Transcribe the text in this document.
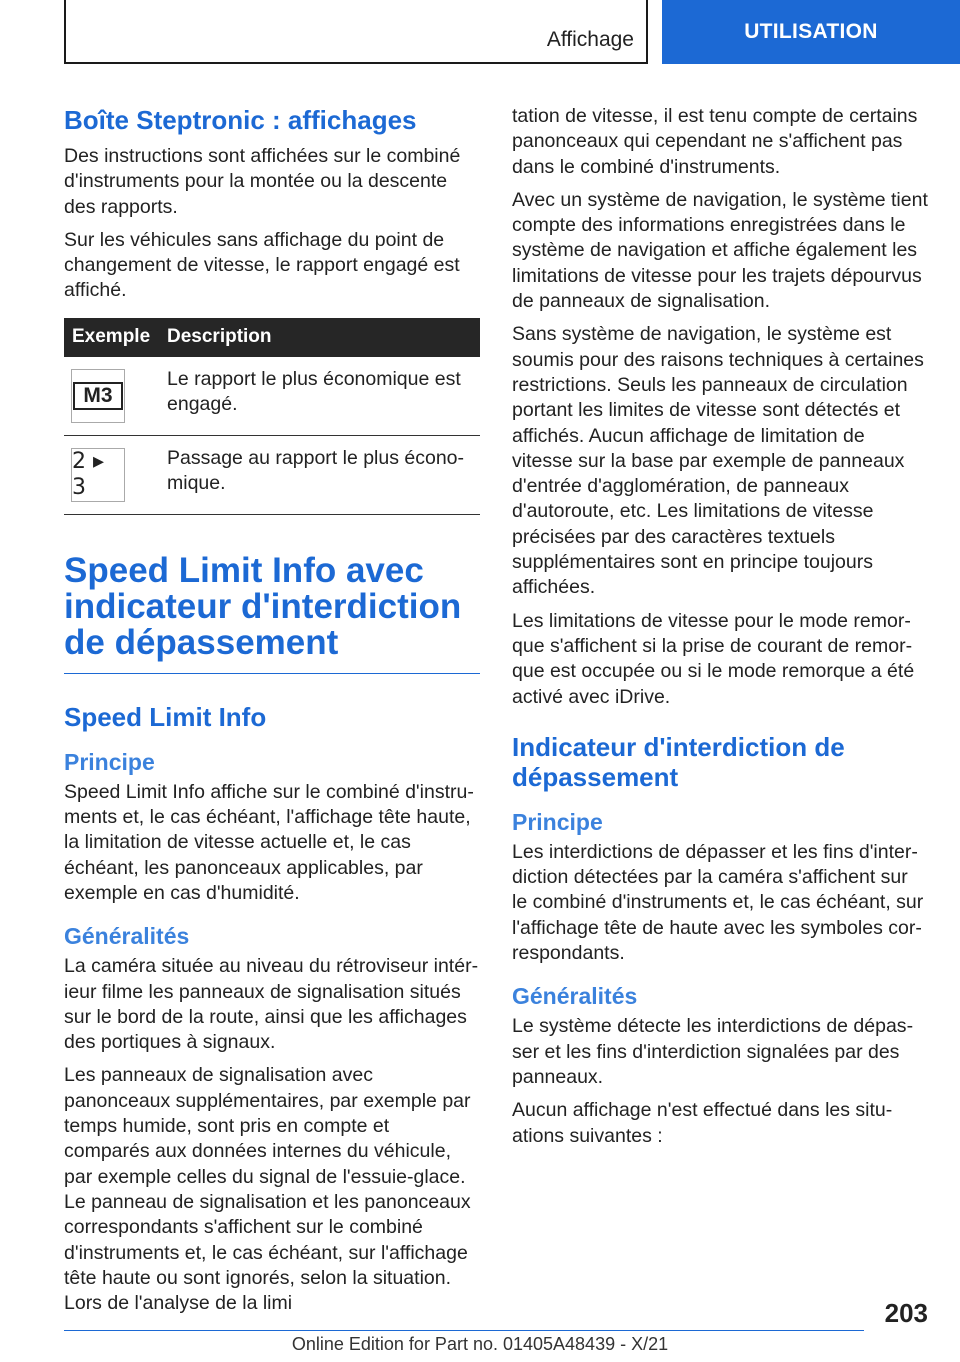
Affichage	UTILISATION
Boîte Steptronic : affichages

Des instructions sont affichées sur le combiné d'instruments pour la montée ou la descente des rapports.

Sur les véhicules sans affichage du point de changement de vitesse, le rapport engagé est affiché.

Exemple	Description

M3	Le rapport le plus économique est engagé.

2 ▸ 3	Passage au rapport le plus économique.
Speed Limit Info avec indicateur d'interdiction de dépassement
Speed Limit Info
Principe

Speed Limit Info affiche sur le combiné d'instruments et, le cas échéant, l'affichage tête haute, la limitation de vitesse actuelle et, le cas échéant, les panonceaux applicables, par exemple en cas d'humidité.

Généralités

La caméra située au niveau du rétroviseur intérieur filme les panneaux de signalisation situés sur le bord de la route, ainsi que les affichages des portiques à signaux.

Les panneaux de signalisation avec panonceaux supplémentaires, par exemple par temps humide, sont pris en compte et comparés aux données internes du véhicule, par exemple celles du signal de l'essuie-glace. Le panneau de signalisation et les panonceaux correspondants s'affichent sur le combiné d'instruments et, le cas échéant, sur l'affichage tête haute ou sont ignorés, selon la situation. Lors de l'analyse de la limi

tation de vitesse, il est tenu compte de certains panonceaux qui cependant ne s'affichent pas dans le combiné d'instruments.

Avec un système de navigation, le système tient compte des informations enregistrées dans le système de navigation et affiche également les limitations de vitesse pour les trajets dépourvus de panneaux de signalisation.

Sans système de navigation, le système est soumis pour des raisons techniques à certaines restrictions. Seuls les panneaux de circulation portant les limites de vitesse sont détectés et affichés. Aucun affichage de limitation de vitesse sur la base par exemple de panneaux d'entrée d'agglomération, de panneaux d'autoroute, etc. Les limitations de vitesse précisées par des caractères textuels supplémentaires sont en principe toujours affichées.

Les limitations de vitesse pour le mode remorque s'affichent si la prise de courant de remorque est occupée ou si le mode remorque a été activé avec iDrive.

Indicateur d'interdiction de dépassement
Principe

Les interdictions de dépasser et les fins d'interdiction détectées par la caméra s'affichent sur le combiné d'instruments et, le cas échéant, sur l'affichage tête de haute avec les symboles correspondants.

Généralités

Le système détecte les interdictions de dépasser et les fins d'interdiction signalées par des panneaux.

Aucun affichage n'est effectué dans les situations suivantes :

203
Online Edition for Part no. 01405A48439 - X/21
